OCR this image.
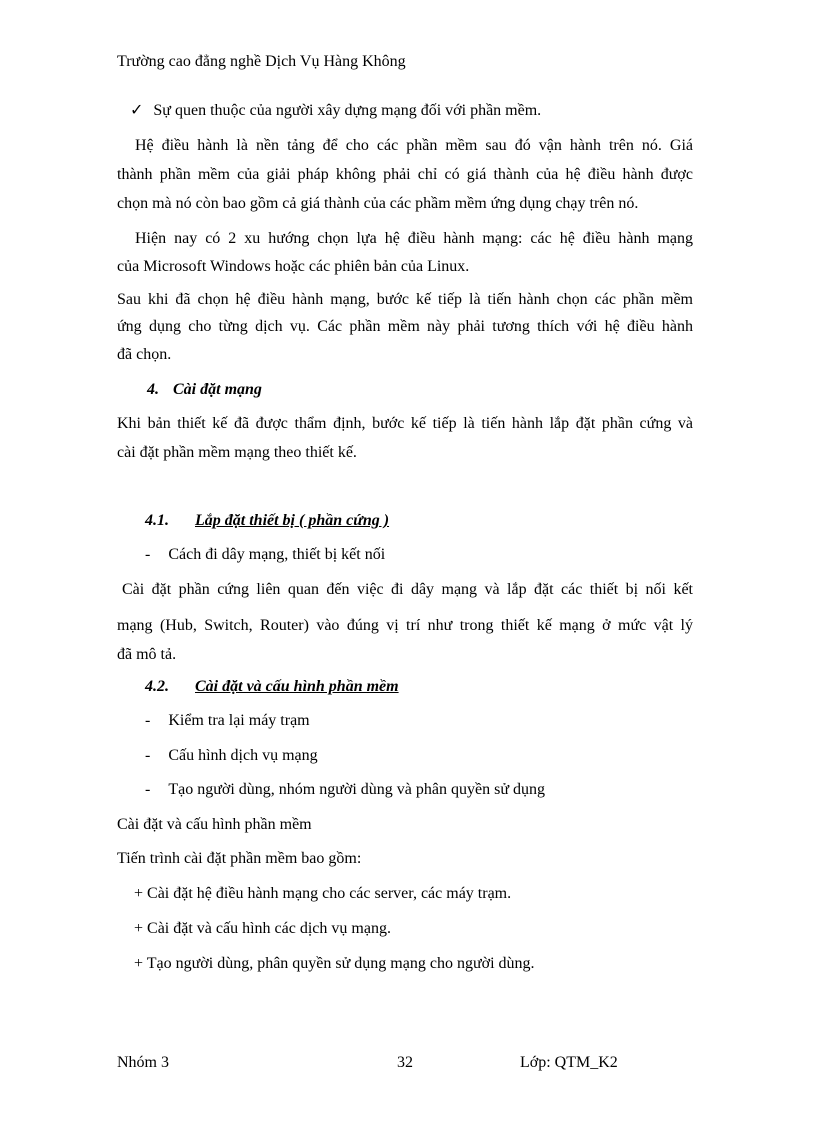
Trường cao đẳng nghề Dịch Vụ Hàng Không
✓ Sự quen thuộc của người xây dựng mạng đối với phần mềm.
Hệ điều hành là nền tảng để cho các phần mềm sau đó vận hành trên nó. Giá
thành phần mềm của giải pháp không phải chỉ có giá thành của hệ điều hành được
chọn mà nó còn bao gồm cả giá thành của các phầm mềm ứng dụng chạy trên nó.
Hiện nay có 2 xu hướng chọn lựa hệ điều hành mạng: các hệ điều hành mạng
của Microsoft Windows hoặc các phiên bản của Linux.
Sau khi đã chọn hệ điều hành mạng, bước kế tiếp là tiến hành chọn các phần mềm
ứng dụng cho từng dịch vụ. Các phần mềm này phải tương thích với hệ điều hành
đã chọn.
4. Cài đặt mạng
Khi bản thiết kế đã được thẩm định, bước kế tiếp là tiến hành lắp đặt phần cứng và
cài đặt phần mềm mạng theo thiết kế.
4.1. Lắp đặt thiết bị ( phần cứng )
- Cách đi dây mạng, thiết bị kết nối
Cài đặt phần cứng liên quan đến việc đi dây mạng và lắp đặt các thiết bị nối kết
mạng (Hub, Switch, Router) vào đúng vị trí như trong thiết kế mạng ở mức vật lý
đã mô tả.
4.2. Cài đặt và cấu hình phần mềm
- Kiểm tra lại máy trạm
- Cấu hình dịch vụ mạng
- Tạo người dùng, nhóm người dùng và phân quyền sử dụng
Cài đặt và cấu hình phần mềm
Tiến trình cài đặt phần mềm bao gồm:
+ Cài đặt hệ điều hành mạng cho các server, các máy trạm.
+ Cài đặt và cấu hình các dịch vụ mạng.
+ Tạo người dùng, phân quyền sử dụng mạng cho người dùng.
Nhóm 3	32	Lớp: QTM_K2
